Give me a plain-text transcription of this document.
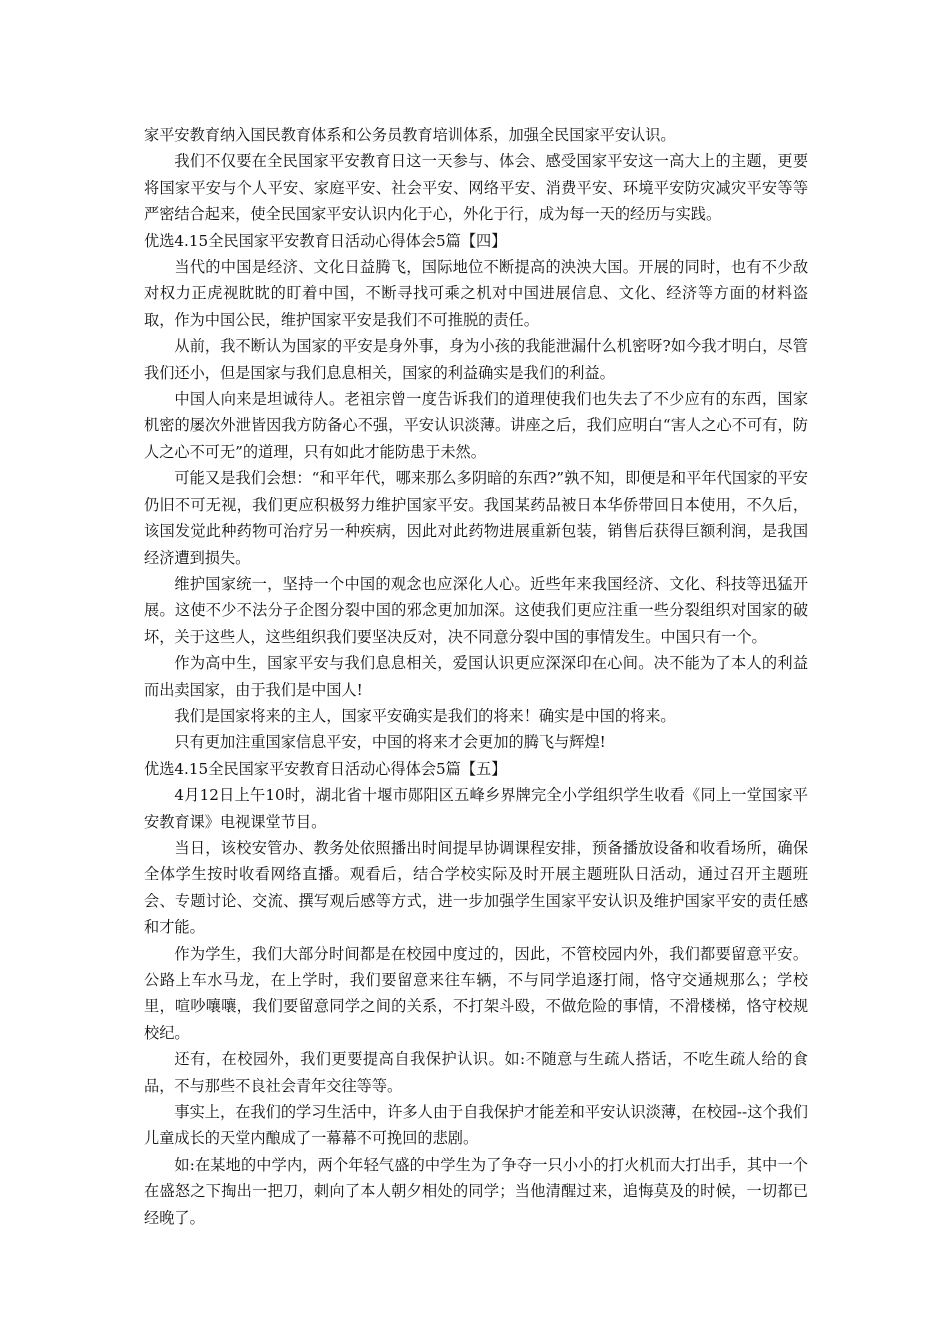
家平安教育纳入国民教育体系和公务员教育培训体系，加强全民国家平安认识。

我们不仅要在全民国家平安教育日这一天参与、体会、感受国家平安这一高大上的主题，更要将国家平安与个人平安、家庭平安、社会平安、网络平安、消费平安、环境平安防灾减灾平安等等严密结合起来，使全民国家平安认识内化于心，外化于行，成为每一天的经历与实践。

优选4.15全民国家平安教育日活动心得体会5篇【四】

当代的中国是经济、文化日益腾飞，国际地位不断提高的泱泱大国。开展的同时，也有不少敌对权力正虎视眈眈的盯着中国，不断寻找可乘之机对中国进展信息、文化、经济等方面的材料盗取，作为中国公民，维护国家平安是我们不可推脱的责任。

从前，我不断认为国家的平安是身外事，身为小孩的我能泄漏什么机密呀?如今我才明白，尽管我们还小，但是国家与我们息息相关，国家的利益确实是我们的利益。

中国人向来是坦诚待人。老祖宗曾一度告诉我们的道理使我们也失去了不少应有的东西，国家机密的屡次外泄皆因我方防备心不强，平安认识淡薄。讲座之后，我们应明白“害人之心不可有，防人之心不可无”的道理，只有如此才能防患于未然。

可能又是我们会想：“和平年代，哪来那么多阴暗的东西?”孰不知，即便是和平年代国家的平安仍旧不可无视，我们更应积极努力维护国家平安。我国某药品被日本华侨带回日本使用，不久后，该国发觉此种药物可治疗另一种疾病，因此对此药物进展重新包装，销售后获得巨额利润，是我国经济遭到损失。

维护国家统一，坚持一个中国的观念也应深化人心。近些年来我国经济、文化、科技等迅猛开展。这使不少不法分子企图分裂中国的邪念更加加深。这使我们更应注重一些分裂组织对国家的破坏，关于这些人，这些组织我们要坚决反对，决不同意分裂中国的事情发生。中国只有一个。

作为高中生，国家平安与我们息息相关，爱国认识更应深深印在心间。决不能为了本人的利益而出卖国家，由于我们是中国人!

我们是国家将来的主人，国家平安确实是我们的将来！确实是中国的将来。

只有更加注重国家信息平安，中国的将来才会更加的腾飞与辉煌!

优选4.15全民国家平安教育日活动心得体会5篇【五】

4月12日上午10时，湖北省十堰市郧阳区五峰乡界牌完全小学组织学生收看《同上一堂国家平安教育课》电视课堂节目。

当日，该校安管办、教务处依照播出时间提早协调课程安排，预备播放设备和收看场所，确保全体学生按时收看网络直播。观看后，结合学校实际及时开展主题班队日活动，通过召开主题班会、专题讨论、交流、撰写观后感等方式，进一步加强学生国家平安认识及维护国家平安的责任感和才能。

作为学生，我们大部分时间都是在校园中度过的，因此，不管校园内外，我们都要留意平安。公路上车水马龙，在上学时，我们要留意来往车辆，不与同学追逐打闹，恪守交通规那么；学校里，喧吵嚷嚷，我们要留意同学之间的关系，不打架斗殴，不做危险的事情，不滑楼梯，恪守校规校纪。

还有，在校园外，我们更要提高自我保护认识。如:不随意与生疏人搭话，不吃生疏人给的食品，不与那些不良社会青年交往等等。

事实上，在我们的学习生活中，许多人由于自我保护才能差和平安认识淡薄，在校园--这个我们儿童成长的天堂内酿成了一幕幕不可挽回的悲剧。

如:在某地的中学内，两个年轻气盛的中学生为了争夺一只小小的打火机而大打出手，其中一个在盛怒之下掏出一把刀，刺向了本人朝夕相处的同学；当他清醒过来，追悔莫及的时候，一切都已经晚了。
